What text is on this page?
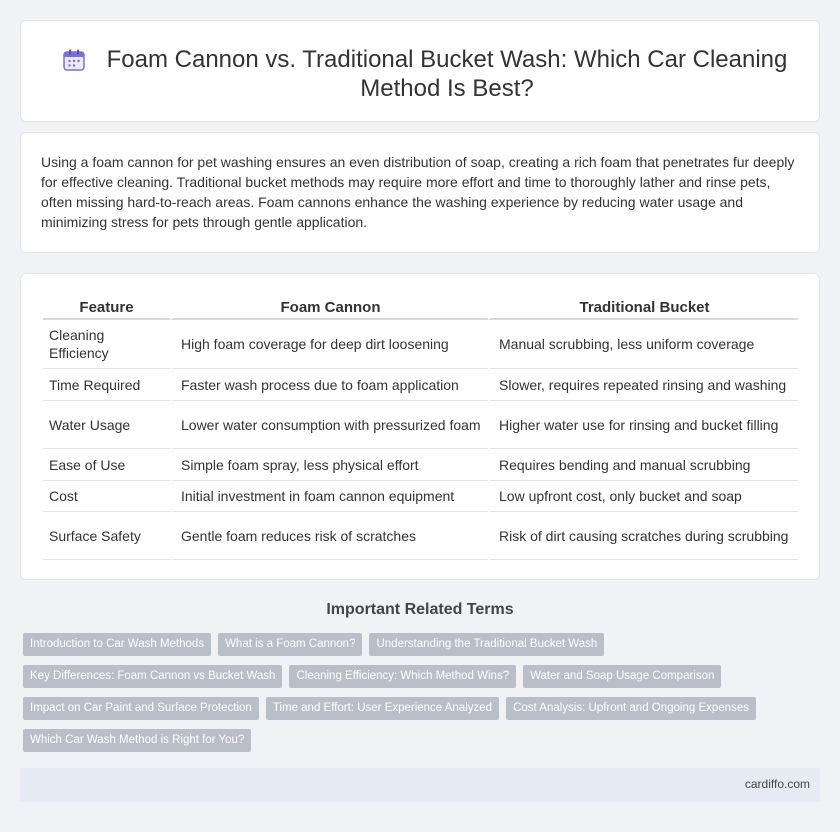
Foam Cannon vs. Traditional Bucket Wash: Which Car Cleaning Method Is Best?

Using a foam cannon for pet washing ensures an even distribution of soap, creating a rich foam that penetrates fur deeply for effective cleaning. Traditional bucket methods may require more effort and time to thoroughly lather and rinse pets, often missing hard-to-reach areas. Foam cannons enhance the washing experience by reducing water usage and minimizing stress for pets through gentle application.

Feature	Foam Cannon	Traditional Bucket
Cleaning Efficiency	High foam coverage for deep dirt loosening	Manual scrubbing, less uniform coverage
Time Required	Faster wash process due to foam application	Slower, requires repeated rinsing and washing
Water Usage	Lower water consumption with pressurized foam	Higher water use for rinsing and bucket filling
Ease of Use	Simple foam spray, less physical effort	Requires bending and manual scrubbing
Cost	Initial investment in foam cannon equipment	Low upfront cost, only bucket and soap
Surface Safety	Gentle foam reduces risk of scratches	Risk of dirt causing scratches during scrubbing
Important Related Terms
Introduction to Car Wash Methods	What is a Foam Cannon?	Understanding the Traditional Bucket Wash
Key Differences: Foam Cannon vs Bucket Wash	Cleaning Efficiency: Which Method Wins?	Water and Soap Usage Comparison
Impact on Car Paint and Surface Protection	Time and Effort: User Experience Analyzed	Cost Analysis: Upfront and Ongoing Expenses
Which Car Wash Method is Right for You?
cardiffo.com
